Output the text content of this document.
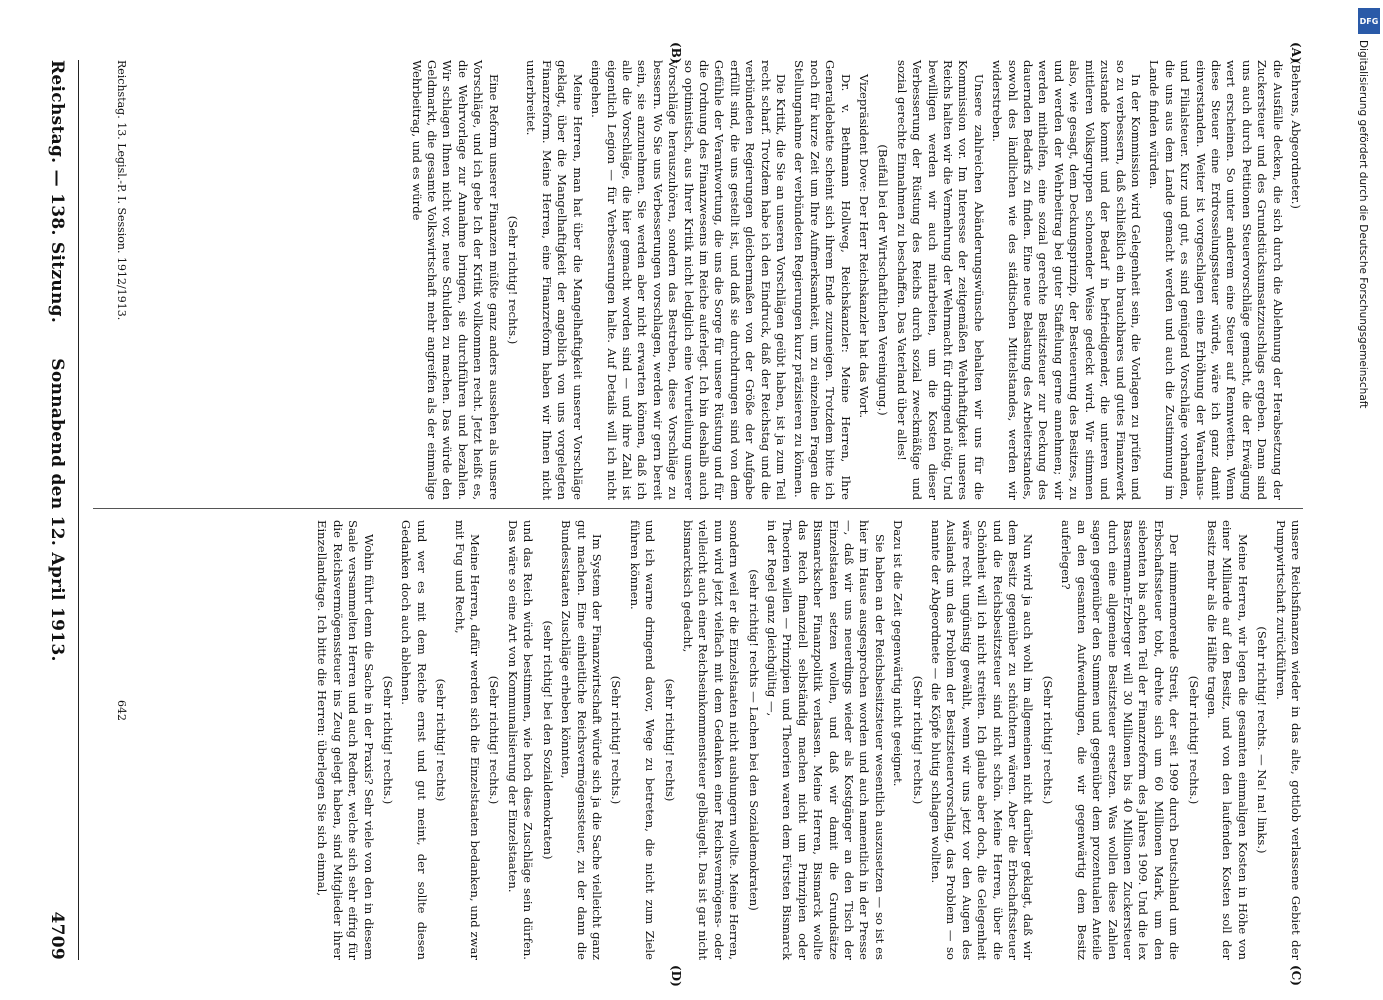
Reichstag. — 138. Sitzung.
Sonnabend den 12. April 1913.
4709
(A)
(B)
(C)
(D)

(Behrens, Abgeordneter.)

die Ausfälle decken, die sich durch die Ablehnung der Herabsetzung der Zuckersteuer und des Grundstücksumsatzzuschlags ergeben. Dann sind uns auch durch Petitionen Steuervorschläge gemacht, die der Erwägung wert erscheinen. So unter anderem eine Steuer auf Rennwetten. Wenn diese Steuer eine Erdrosselungssteuer würde, wäre ich ganz damit einverstanden. Weiter ist vorgeschlagen eine Erhöhung der Warenhaus- und Filialsteuer. Kurz und gut, es sind genügend Vorschläge vorhanden, die uns aus dem Lande gemacht werden und auch die Zustimmung im Lande finden würden.

In der Kommission wird Gelegenheit sein, die Vorlagen zu prüfen und so zu verbessern, daß schließlich ein brauchbares und gutes Finanzwerk zustande kommt und der Bedarf in befriedigender, die unteren und mittleren Volksgruppen schonender Weise gedeckt wird. Wir stimmen also, wie gesagt, dem Deckungsprinzip, der Besteuerung des Besitzes, zu und werden der Wehrbeitrag bei guter Staffelung gerne annehmen; wir werden mithelfen, eine sozial gerechte Besitzsteuer zur Deckung des dauernden Bedarfs zu finden. Eine neue Belastung des Arbeiterstandes, sowohl des ländlichen wie des städtischen Mittelstandes, werden wir widerstreben.

Unsere zahlreichen Abänderungswünsche behalten wir uns für die Kommission vor. Im Interesse der zeitgemäßen Wehrhaftigkeit unseres Reichs halten wir die Vermehrung der Wehrmacht für dringend nötig. Und bewilligen werden wir auch mitarbeiten, um die Kosten dieser Verbesserung der Rüstung des Reichs durch sozial zweckmäßige und sozial gerechte Einnahmen zu beschaffen. Das Vaterland über alles!

(Beifall bei der Wirtschaftlichen Vereinigung.)

Vizepräsident Dove: Der Herr Reichskanzler hat das Wort.

Dr. v. Bethmann Hollweg, Reichskanzler: Meine Herren, Ihre Generaldebatte scheint sich ihrem Ende zuzuneigen. Trotzdem bitte ich noch für kurze Zeit um Ihre Aufmerksamkeit, um zu einzelnen Fragen die Stellungnahme der verbündeten Regierungen kurz präzisieren zu können.

Die Kritik, die Sie an unseren Vorschlägen geübt haben, ist ja zum Teil recht scharf. Trotzdem habe ich den Eindruck, daß der Reichstag und die verbündeten Regierungen gleichermaßen von der Größe der Aufgabe erfüllt sind, die uns gestellt ist, und daß sie durchdrungen sind von dem Gefühle der Verantwortung, die uns die Sorge für unsere Rüstung und für die Ordnung des Finanzwesens im Reiche auferlegt. Ich bin deshalb auch so optimistisch, aus Ihrer Kritik nicht lediglich eine Verurteilung unserer Vorschläge herauszuhören, sondern das Bestreben, diese Vorschläge zu bessern. Wo Sie uns Verbesserungen vorschlagen, werden wir gern bereit sein, sie anzunehmen. Sie werden aber nicht erwarten können, daß ich alle die Vorschläge, die hier gemacht worden sind — und ihre Zahl ist eigentlich Legion — für Verbesserungen halte. Auf Details will ich nicht eingehen.

Meine Herren, man hat über die Mangelhaftigkeit unserer Vorschläge geklagt, über die Mangelhaftigkeit der angeblich von uns vorgelegten Finanzreform. Meine Herren, eine Finanzreform haben wir Ihnen nicht unterbreitet.

(Sehr richtig! rechts.)

Eine Reform unserer Finanzen müßte ganz anders aussehen als unsere Vorschläge, und ich gebe Ich der Kritik vollkommen recht. Jetzt heißt es, die Wehrvorlage zur Annahme bringen, sie durchführen und bezahlen. Wir schlagen Ihnen nicht vor, neue Schulden zu machen. Das würde den Geldmarkt, die gesamte Volkswirtschaft mehr angreifen als der einmalige Wehrbeitrag, und es würde

unsere Reichsfinanzen wieder in das alte, gottlob verlassene Gebiet der Pumpwirtschaft zurückführen.

(Sehr richtig! rechts. — Na! na! links.)

Meine Herren, wir legen die gesamten einmaligen Kosten in Höhe von einer Milliarde auf den Besitz, und von den laufenden Kosten soll der Besitz mehr als die Hälfte tragen.

(Sehr richtig! rechts.)

Der nimmermorende Streit, der seit 1909 durch Deutschland um die Erbschaftssteuer tobt, drehte sich um 60 Millionen Mark, um den siebenten bis achten Teil der Finanzreform des Jahres 1909. Und die lex Bassermann-Erzberger will 30 Millionen bis 40 Millionen Zuckersteuer durch eine allgemeine Besitzsteuer ersetzen. Was wollen diese Zahlen sagen gegenüber den Summen und gegenüber dem prozentualen Anteile an den gesamten Aufwendungen, die wir gegenwärtig dem Besitz auferlegen?

(Sehr richtig! rechts.)

Nun wird ja auch wohl im allgemeinen nicht darüber geklagt, daß wir dem Besitz gegenüber zu schüchtern wären. Aber die Erbschaftssteuer und die Reichsbesitzsteuer sind nicht schön. Meine Herren, über die Schönheit will ich nicht streiten. Ich glaube aber doch, die Gelegenheit wäre recht ungünstig gewählt, wenn wir uns jetzt vor den Augen des Auslands um das Problem der Besitzsteuervorschlag, das Problem — so nannte der Abgeordnete — die Köpfe blutig schlagen wollten.

(Sehr richtig! rechts.)

Dazu ist die Zeit gegenwärtig nicht geeignet.

Sie haben an der Reichsbesitzsteuer wesentlich auszusetzen — so ist es hier im Hause ausgesprochen worden und auch namentlich in der Presse —, daß wir uns neuerdings wieder als Kostgänger an den Tisch der Einzelstaaten setzen wollen, und daß wir damit die Grundsätze Bismarckscher Finanzpolitik verlassen. Meine Herren, Bismarck wollte das Reich finanziell selbständig machen nicht um Prinzipien oder Theorien willen — Prinzipien und Theorien waren dem Fürsten Bismarck in der Regel ganz gleichgültig —,

(sehr richtig! rechts — Lachen bei den Sozialdemokraten)

sondern weil er die Einzelstaaten nicht aushungern wollte. Meine Herren, nun wird jetzt vielfach mit dem Gedanken einer Reichsvermögens- oder vielleicht auch einer Reichseinkommensteuer gelbäugelt. Das ist gar nicht bismarckisch gedacht,

(sehr richtig! rechts)

und ich warne dringend davor, Wege zu betreten, die nicht zum Ziele führen können.

(Sehr richtig! rechts.)

Im System der Finanzwirtschaft würde sich ja die Sache vielleicht ganz gut machen. Eine einheitliche Reichsvermögenssteuer, zu der dann die Bundesstaaten Zuschläge erheben könnten,

(sehr richtig! bei den Sozialdemokraten)

und das Reich würde bestimmen, wie hoch diese Zuschläge sein dürfen. Das wäre so eine Art von Kommunalisierung der Einzelstaaten.

(Sehr richtig! rechts.)

Meine Herren, dafür werden sich die Einzelstaaten bedanken, und zwar mit Fug und Recht,

(sehr richtig! rechts)

und wer es mit dem Reiche ernst und gut meint, der sollte diesen Gedanken doch auch ablehnen.

(Sehr richtig! rechts.)

Wohin führt denn die Sache in der Praxis? Sehr viele von den in diesem Saale versammelten Herren und auch Redner, welche sich sehr eifrig für die Reichsvermögenssteuer ins Zeug gelegt haben, sind Mitglieder ihrer Einzellandtage. Ich bitte die Herren: überlegen Sie sich einmal,

Reichstag. 13. Legisl.-P. I. Session. 1912/1913.
642
DFG
Digitalisierung gefördert durch die Deutsche Forschungsgemeinschaft
